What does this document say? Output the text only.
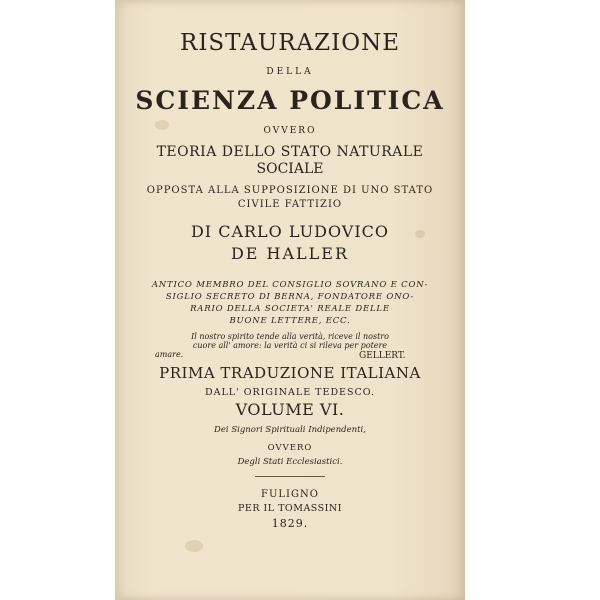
RISTAURAZIONE
DELLA
SCIENZA POLITICA
OVVERO
TEORIA DELLO STATO NATURALE
SOCIALE
OPPOSTA ALLA SUPPOSIZIONE DI UNO STATO
CIVILE FATTIZIO
DI CARLO LUDOVICO
DE HALLER
ANTICO MEMBRO DEL CONSIGLIO SOVRANO E CON-
SIGLIO SECRETO DI BERNA, FONDATORE ONO-
RARIO DELLA SOCIETA' REALE DELLE
BUONE LETTERE, ECC.
Il nostro spirito tende alla verità, riceve il nostro
cuore all' amore: la verità ci si rileva per potere
amare.	GELLERT.
PRIMA TRADUZIONE ITALIANA
DALL' ORIGINALE TEDESCO.
VOLUME VI.
Dei Signori Spirituali Indipendenti,
OVVERO
Degli Stati Ecclesiastici.
FULIGNO
PER IL TOMASSINI
1829.
